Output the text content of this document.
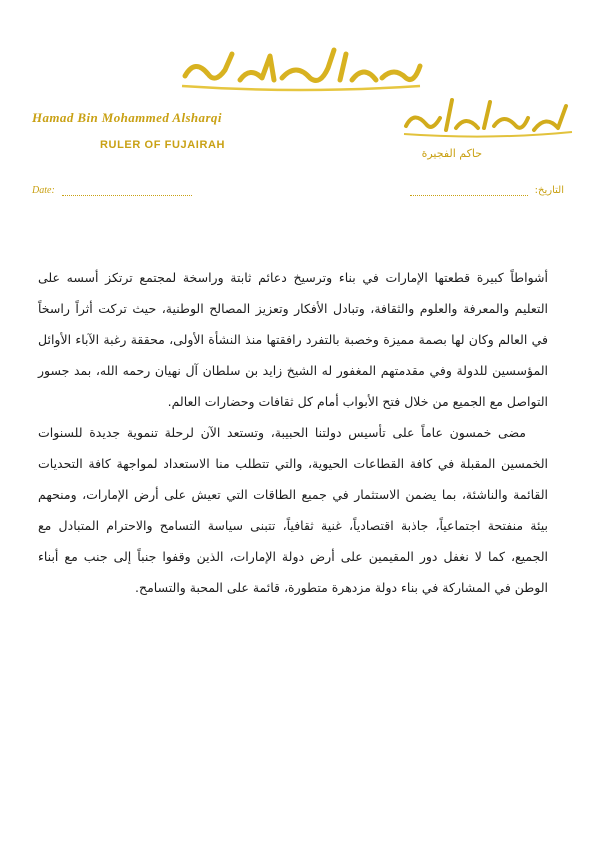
Hamad Bin Mohammed Alsharqi
RULER OF FUJAIRAH
حاكم الفجيرة
Date:	:التاريخ

أشواطاً كبيرة قطعتها الإمارات في بناء وترسيخ دعائم ثابتة وراسخة لمجتمع ترتكز أسسه على التعليم والمعرفة والعلوم والثقافة، وتبادل الأفكار وتعزيز المصالح الوطنية، حيث تركت أثراً راسخاً في العالم وكان لها بصمة مميزة وخصبة بالتفرد رافقتها منذ النشأة الأولى، محققة رغبة الآباء الأوائل المؤسسين للدولة وفي مقدمتهم المغفور له الشيخ زايد بن سلطان آل نهيان رحمه الله، بمد جسور التواصل مع الجميع من خلال فتح الأبواب أمام كل ثقافات وحضارات العالم.

مضى خمسون عاماً على تأسيس دولتنا الحبيبة، وتستعد الآن لرحلة تنموية جديدة للسنوات الخمسين المقبلة في كافة القطاعات الحيوية، والتي تتطلب منا الاستعداد لمواجهة كافة التحديات القائمة والناشئة، بما يضمن الاستثمار في جميع الطاقات التي تعيش على أرض الإمارات، ومنحهم بيئة منفتحة اجتماعياً، جاذبة اقتصادياً، غنية ثقافياً، تتبنى سياسة التسامح والاحترام المتبادل مع الجميع، كما لا نغفل دور المقيمين على أرض دولة الإمارات، الذين وقفوا جنباً إلى جنب مع أبناء الوطن في المشاركة في بناء دولة مزدهرة متطورة، قائمة على المحبة والتسامح.
